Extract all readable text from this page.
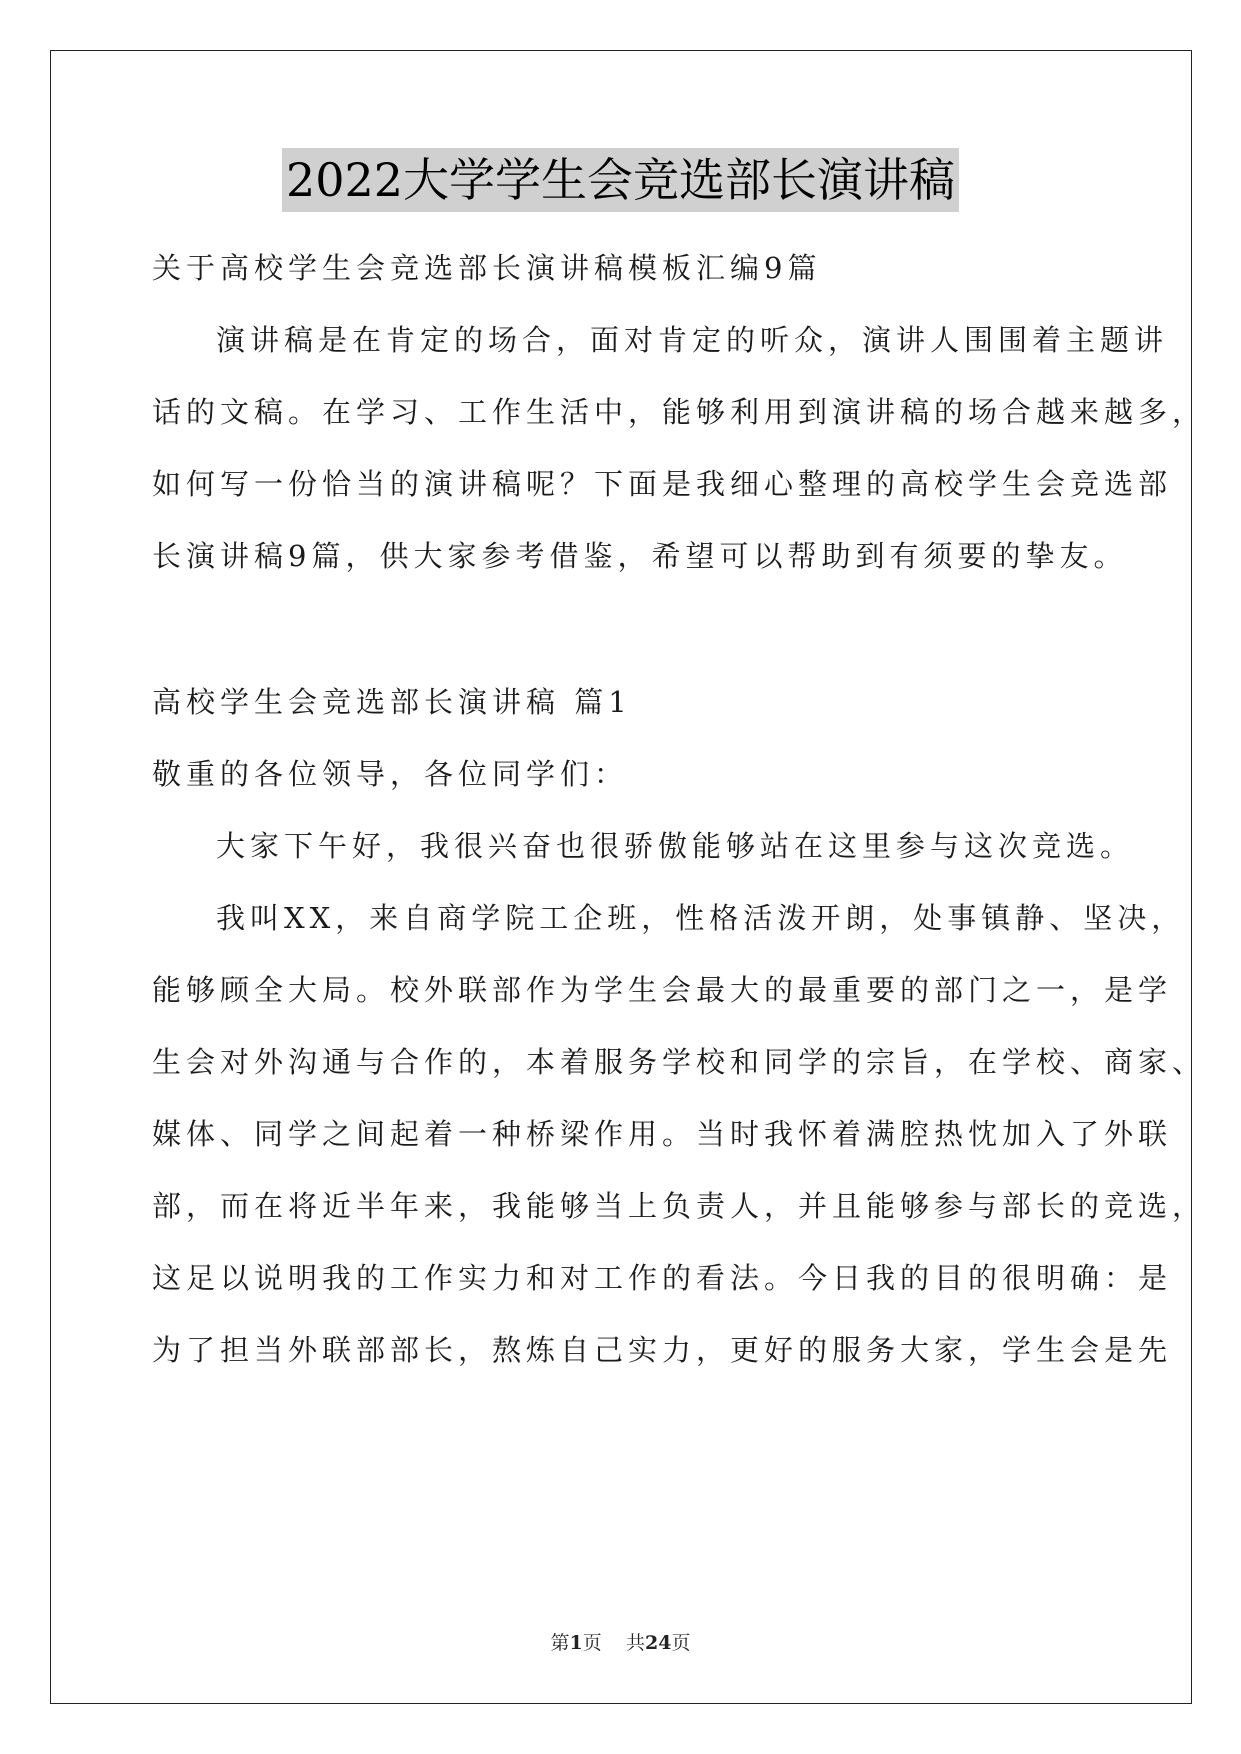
2022大学学生会竞选部长演讲稿
关于高校学生会竞选部长演讲稿模板汇编9篇
演讲稿是在肯定的场合，面对肯定的听众，演讲人围围着主题讲
话的文稿。在学习、工作生活中，能够利用到演讲稿的场合越来越多，
如何写一份恰当的演讲稿呢？下面是我细心整理的高校学生会竞选部
长演讲稿9篇，供大家参考借鉴，希望可以帮助到有须要的挚友。
高校学生会竞选部长演讲稿 篇1
敬重的各位领导，各位同学们：
大家下午好，我很兴奋也很骄傲能够站在这里参与这次竞选。
我叫XX，来自商学院工企班，性格活泼开朗，处事镇静、坚决，
能够顾全大局。校外联部作为学生会最大的最重要的部门之一，是学
生会对外沟通与合作的，本着服务学校和同学的宗旨，在学校、商家、
媒体、同学之间起着一种桥梁作用。当时我怀着满腔热忱加入了外联
部，而在将近半年来，我能够当上负责人，并且能够参与部长的竞选，
这足以说明我的工作实力和对工作的看法。今日我的目的很明确：是
为了担当外联部部长，熬炼自己实力，更好的服务大家，学生会是先
第1页 共24页
